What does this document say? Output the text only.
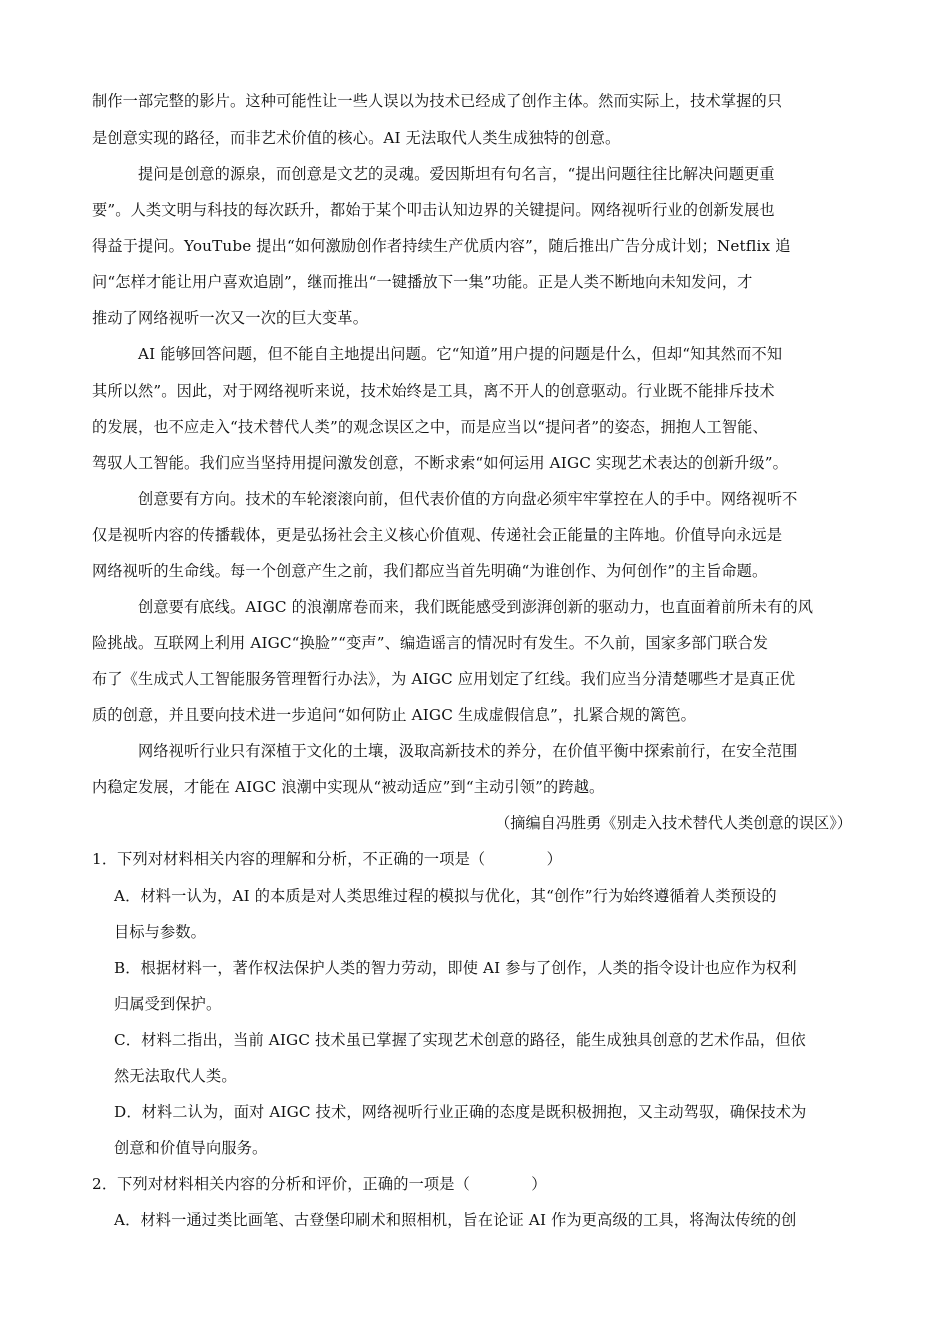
制作一部完整的影片。这种可能性让一些人误以为技术已经成了创作主体。然而实际上，技术掌握的只
是创意实现的路径，而非艺术价值的核心。AI 无法取代人类生成独特的创意。
提问是创意的源泉，而创意是文艺的灵魂。爱因斯坦有句名言，“提出问题往往比解决问题更重
要”。人类文明与科技的每次跃升，都始于某个叩击认知边界的关键提问。网络视听行业的创新发展也
得益于提问。YouTube 提出“如何激励创作者持续生产优质内容”，随后推出广告分成计划；Netflix 追
问“怎样才能让用户喜欢追剧”，继而推出“一键播放下一集”功能。正是人类不断地向未知发问，才
推动了网络视听一次又一次的巨大变革。
AI 能够回答问题，但不能自主地提出问题。它“知道”用户提的问题是什么，但却“知其然而不知
其所以然”。因此，对于网络视听来说，技术始终是工具，离不开人的创意驱动。行业既不能排斥技术
的发展，也不应走入“技术替代人类”的观念误区之中，而是应当以“提问者”的姿态，拥抱人工智能、
驾驭人工智能。我们应当坚持用提问激发创意，不断求索“如何运用 AIGC 实现艺术表达的创新升级”。
创意要有方向。技术的车轮滚滚向前，但代表价值的方向盘必须牢牢掌控在人的手中。网络视听不
仅是视听内容的传播载体，更是弘扬社会主义核心价值观、传递社会正能量的主阵地。价值导向永远是
网络视听的生命线。每一个创意产生之前，我们都应当首先明确“为谁创作、为何创作”的主旨命题。
创意要有底线。AIGC 的浪潮席卷而来，我们既能感受到澎湃创新的驱动力，也直面着前所未有的风
险挑战。互联网上利用 AIGC“换脸”“变声”、编造谣言的情况时有发生。不久前，国家多部门联合发
布了《生成式人工智能服务管理暂行办法》，为 AIGC 应用划定了红线。我们应当分清楚哪些才是真正优
质的创意，并且要向技术进一步追问“如何防止 AIGC 生成虚假信息”，扎紧合规的篱笆。
网络视听行业只有深植于文化的土壤，汲取高新技术的养分，在价值平衡中探索前行，在安全范围
内稳定发展，才能在 AIGC 浪潮中实现从“被动适应”到“主动引领”的跨越。
（摘编自冯胜勇《别走入技术替代人类创意的误区》）
1．下列对材料相关内容的理解和分析，不正确的一项是（　　　　）
A．材料一认为，AI 的本质是对人类思维过程的模拟与优化，其“创作”行为始终遵循着人类预设的
目标与参数。
B．根据材料一，著作权法保护人类的智力劳动，即使 AI 参与了创作，人类的指令设计也应作为权利
归属受到保护。
C．材料二指出，当前 AIGC 技术虽已掌握了实现艺术创意的路径，能生成独具创意的艺术作品，但依
然无法取代人类。
D．材料二认为，面对 AIGC 技术，网络视听行业正确的态度是既积极拥抱，又主动驾驭，确保技术为
创意和价值导向服务。
2．下列对材料相关内容的分析和评价，正确的一项是（　　　　）
A．材料一通过类比画笔、古登堡印刷术和照相机，旨在论证 AI 作为更高级的工具，将淘汰传统的创
